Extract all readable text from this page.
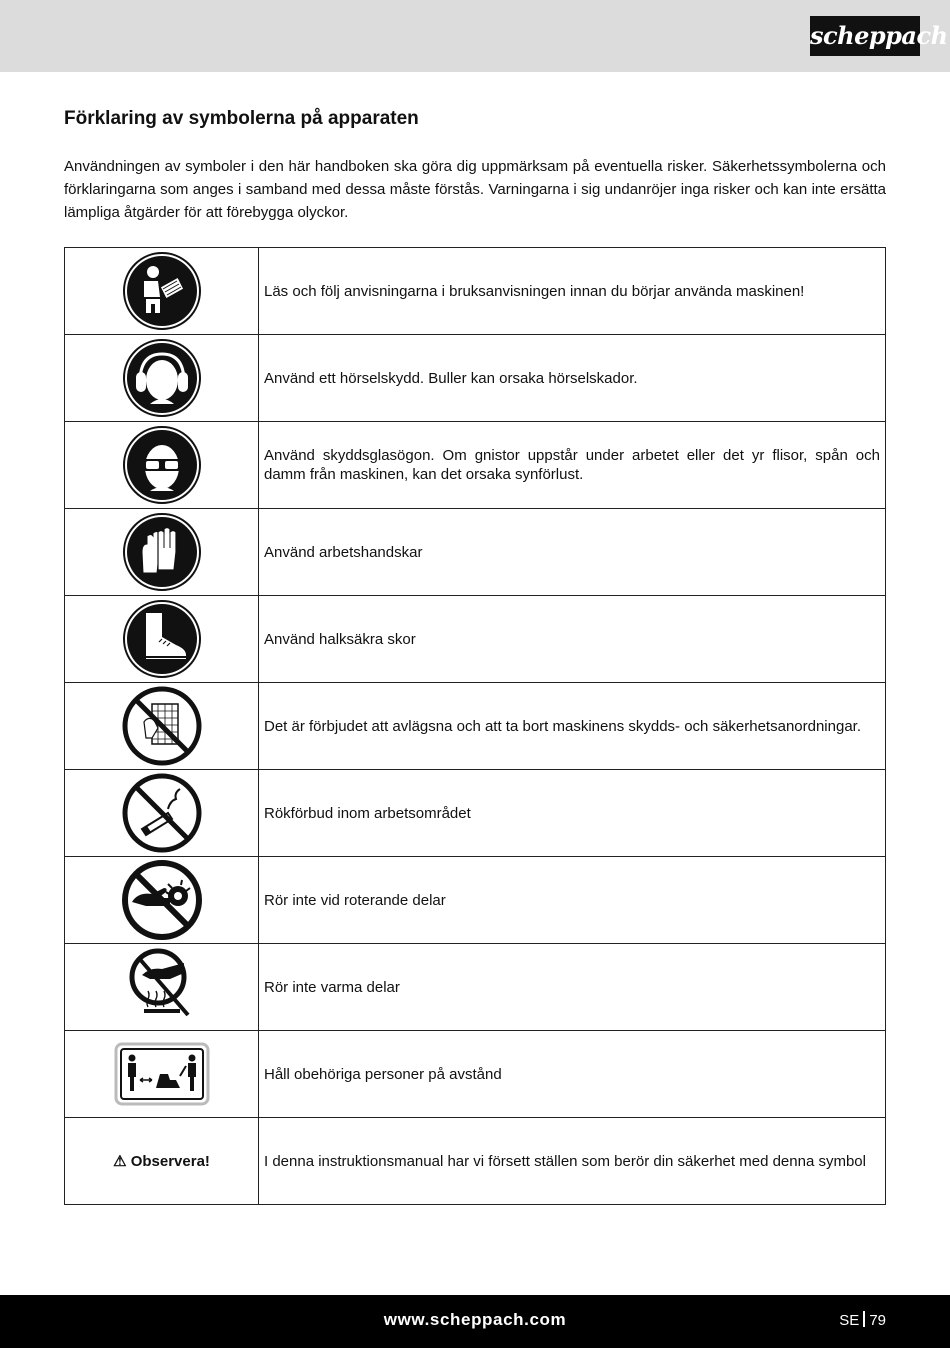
scheppach
Förklaring av symbolerna på apparaten

Användningen av symboler i den här handboken ska göra dig uppmärksam på eventuella risker. Säkerhetssymbolerna och förklaringarna som anges i samband med dessa måste förstås. Varningarna i sig undanröjer inga risker och kan inte ersätta lämpliga åtgärder för att förebygga olyckor.

	Läs och följ anvisningarna i bruksanvisningen innan du börjar använda maskinen!
	Använd ett hörselskydd. Buller kan orsaka hörselskador.
	Använd skyddsglasögon. Om gnistor uppstår under arbetet eller det yr flisor, spån och damm från maskinen, kan det orsaka synförlust.
	Använd arbetshandskar
	Använd halksäkra skor
	Det är förbjudet att avlägsna och att ta bort maskinens skydds- och säkerhetsanordningar.
	Rökförbud inom arbetsområdet
	Rör inte vid roterande delar
	Rör inte varma delar
	Håll obehöriga personer på avstånd
⚠ Observera!	I denna instruktionsmanual har vi försett ställen som berör din säkerhet med denna symbol
www.scheppach.com	SE 79
